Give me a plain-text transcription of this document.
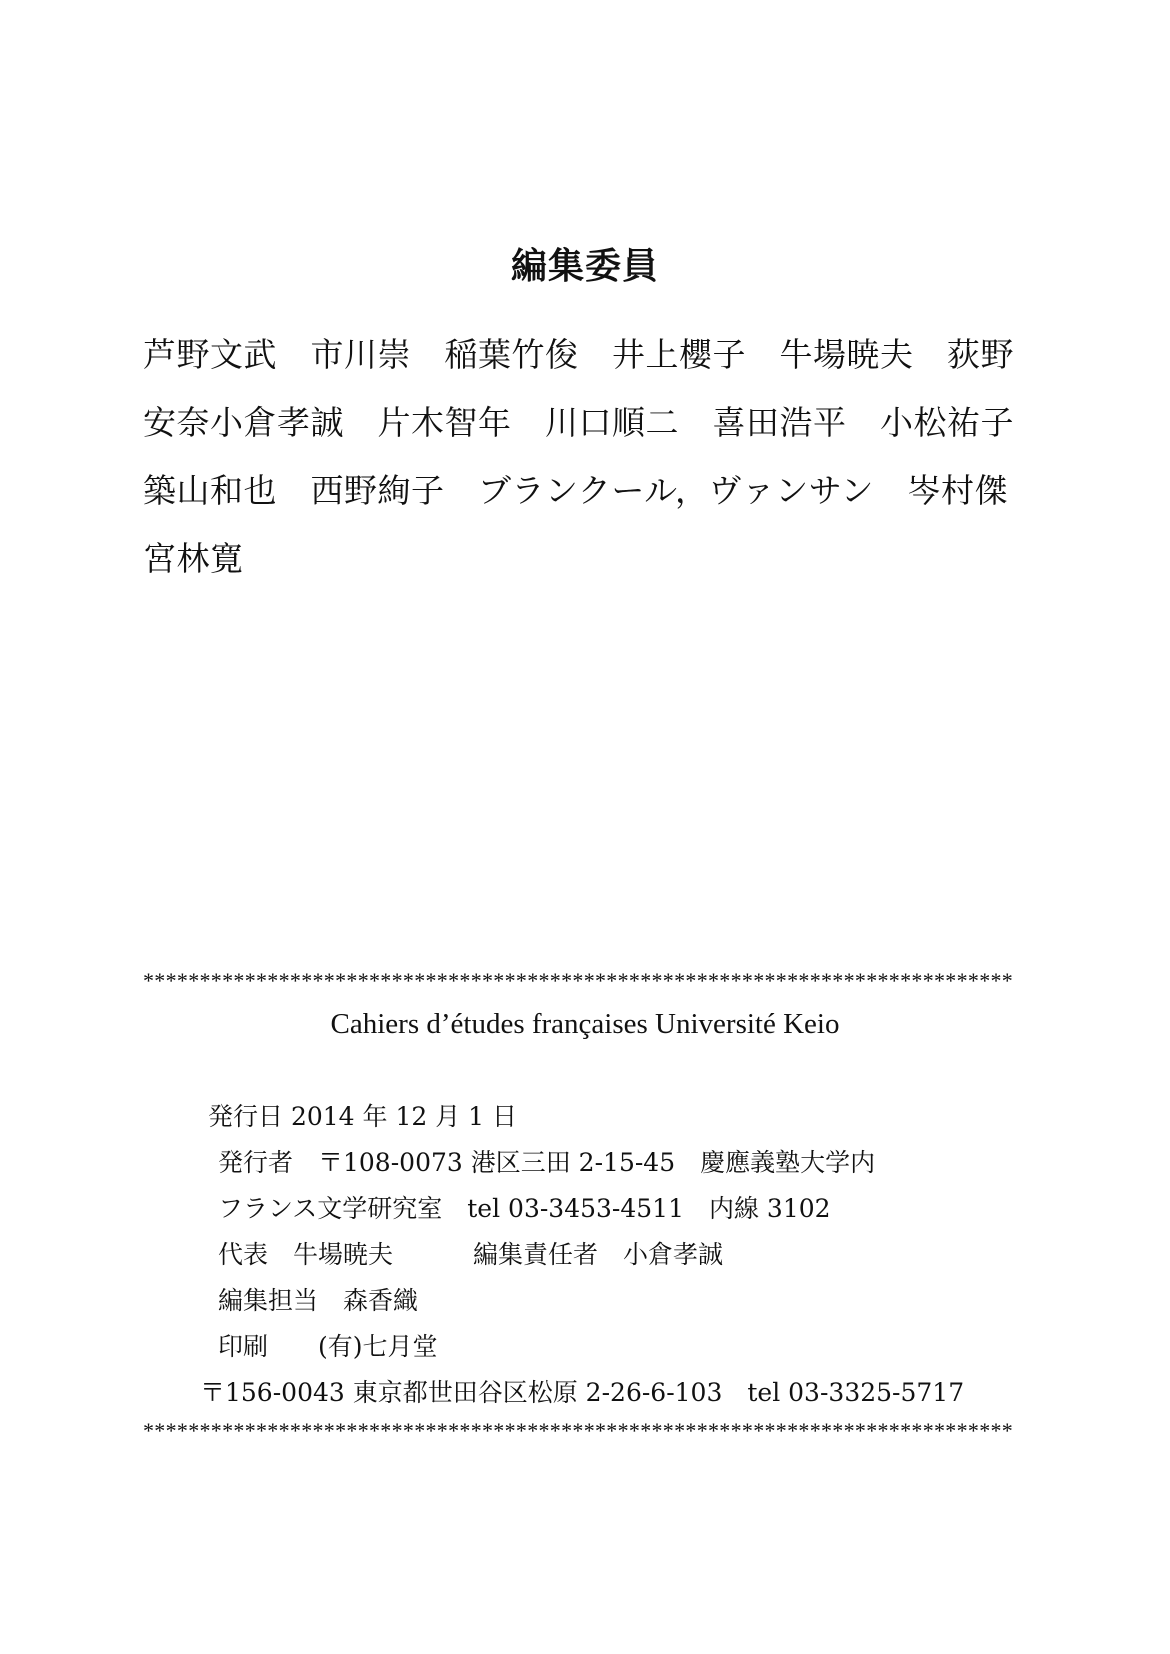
編集委員
芦野文武　市川崇　稲葉竹俊　井上櫻子　牛場暁夫　荻野
安奈小倉孝誠　片木智年　川口順二　喜田浩平　小松祐子
築山和也　西野絢子　ブランクール，ヴァンサン　岑村傑
宮林寛
*****************************************************************************
Cahiers d’études françaises Université Keio
発行日 2014 年 12 月 1 日
発行者　〒108-0073 港区三田 2-15-45　慶應義塾大学内
フランス文学研究室　tel 03-3453-4511　内線 3102
代表　牛場暁夫	編集責任者　小倉孝誠
編集担当　森香織
印刷　　(有)七月堂
〒156-0043 東京都世田谷区松原 2-26-6-103　tel 03-3325-5717
*****************************************************************************
